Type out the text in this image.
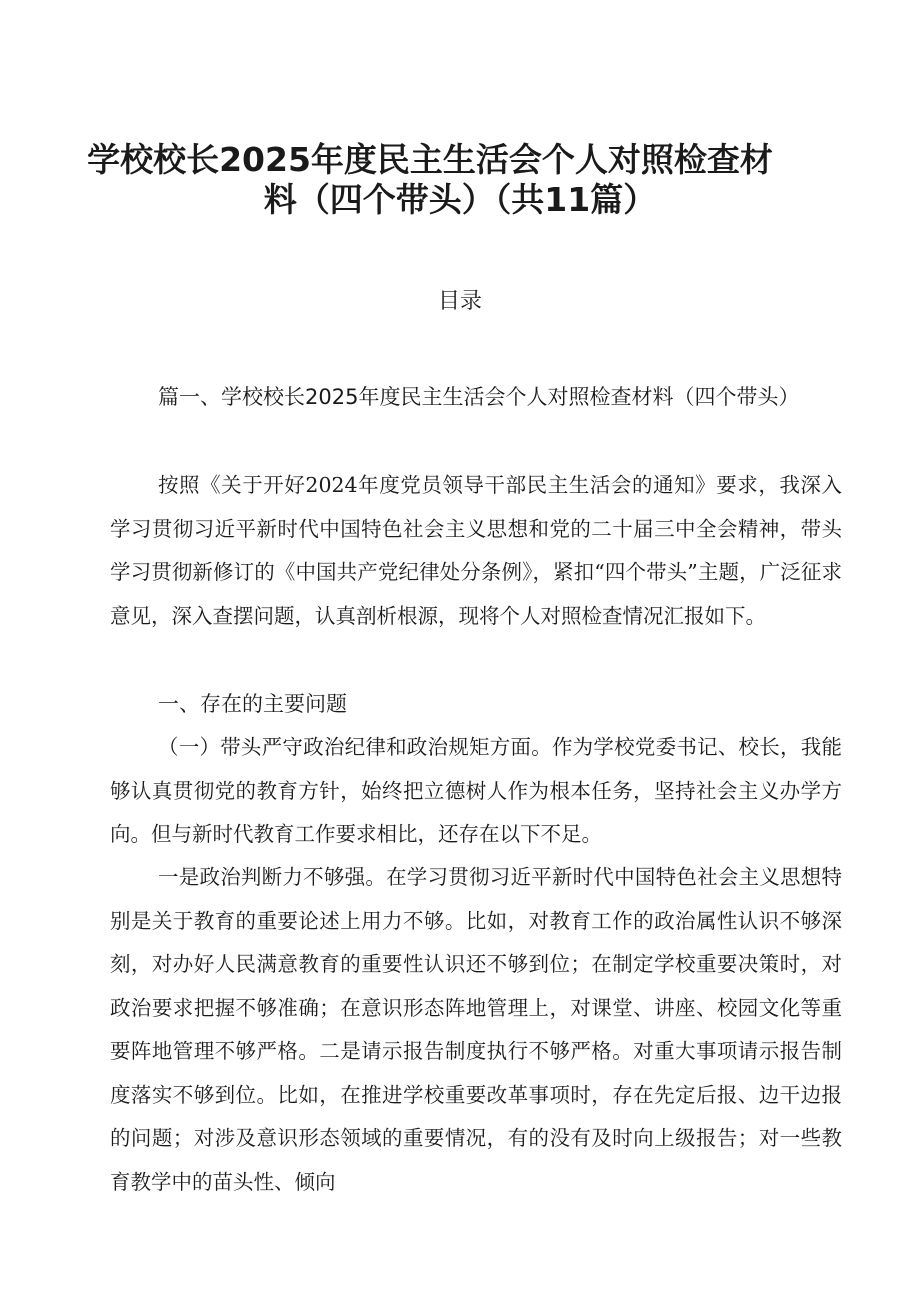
学校校长2025年度民主生活会个人对照检查材
料（四个带头）（共11篇）
目录
篇一、学校校长2025年度民主生活会个人对照检查材料（四个带头）

按照《关于开好2024年度党员领导干部民主生活会的通知》要求，我深入学习贯彻习近平新时代中国特色社会主义思想和党的二十届三中全会精神，带头学习贯彻新修订的《中国共产党纪律处分条例》，紧扣“四个带头”主题，广泛征求意见，深入查摆问题，认真剖析根源，现将个人对照检查情况汇报如下。

一、存在的主要问题

（一）带头严守政治纪律和政治规矩方面。作为学校党委书记、校长，我能够认真贯彻党的教育方针，始终把立德树人作为根本任务，坚持社会主义办学方向。但与新时代教育工作要求相比，还存在以下不足。

一是政治判断力不够强。在学习贯彻习近平新时代中国特色社会主义思想特别是关于教育的重要论述上用力不够。比如，对教育工作的政治属性认识不够深刻，对办好人民满意教育的重要性认识还不够到位；在制定学校重要决策时，对政治要求把握不够准确；在意识形态阵地管理上，对课堂、讲座、校园文化等重要阵地管理不够严格。二是请示报告制度执行不够严格。对重大事项请示报告制度落实不够到位。比如，在推进学校重要改革事项时，存在先定后报、边干边报的问题；对涉及意识形态领域的重要情况，有的没有及时向上级报告；对一些教育教学中的苗头性、倾向
